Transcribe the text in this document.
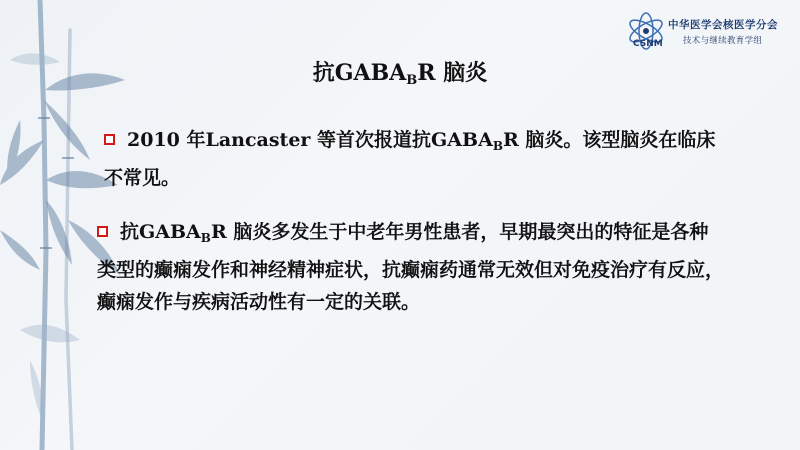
CSNM
中华医学会核医学分会
技术与继续教育学组
抗$GABA_BR$ 脑炎
2010 年Lancaster 等首次报道抗$GABA_BR$ 脑炎。该型脑炎在临床不常见。
抗$GABA_BR$ 脑炎多发生于中老年男性患者，早期最突出的特征是各种类型的癫痫发作和神经精神症状，抗癫痫药通常无效但对免疫治疗有反应，癫痫发作与疾病活动性有一定的关联。
